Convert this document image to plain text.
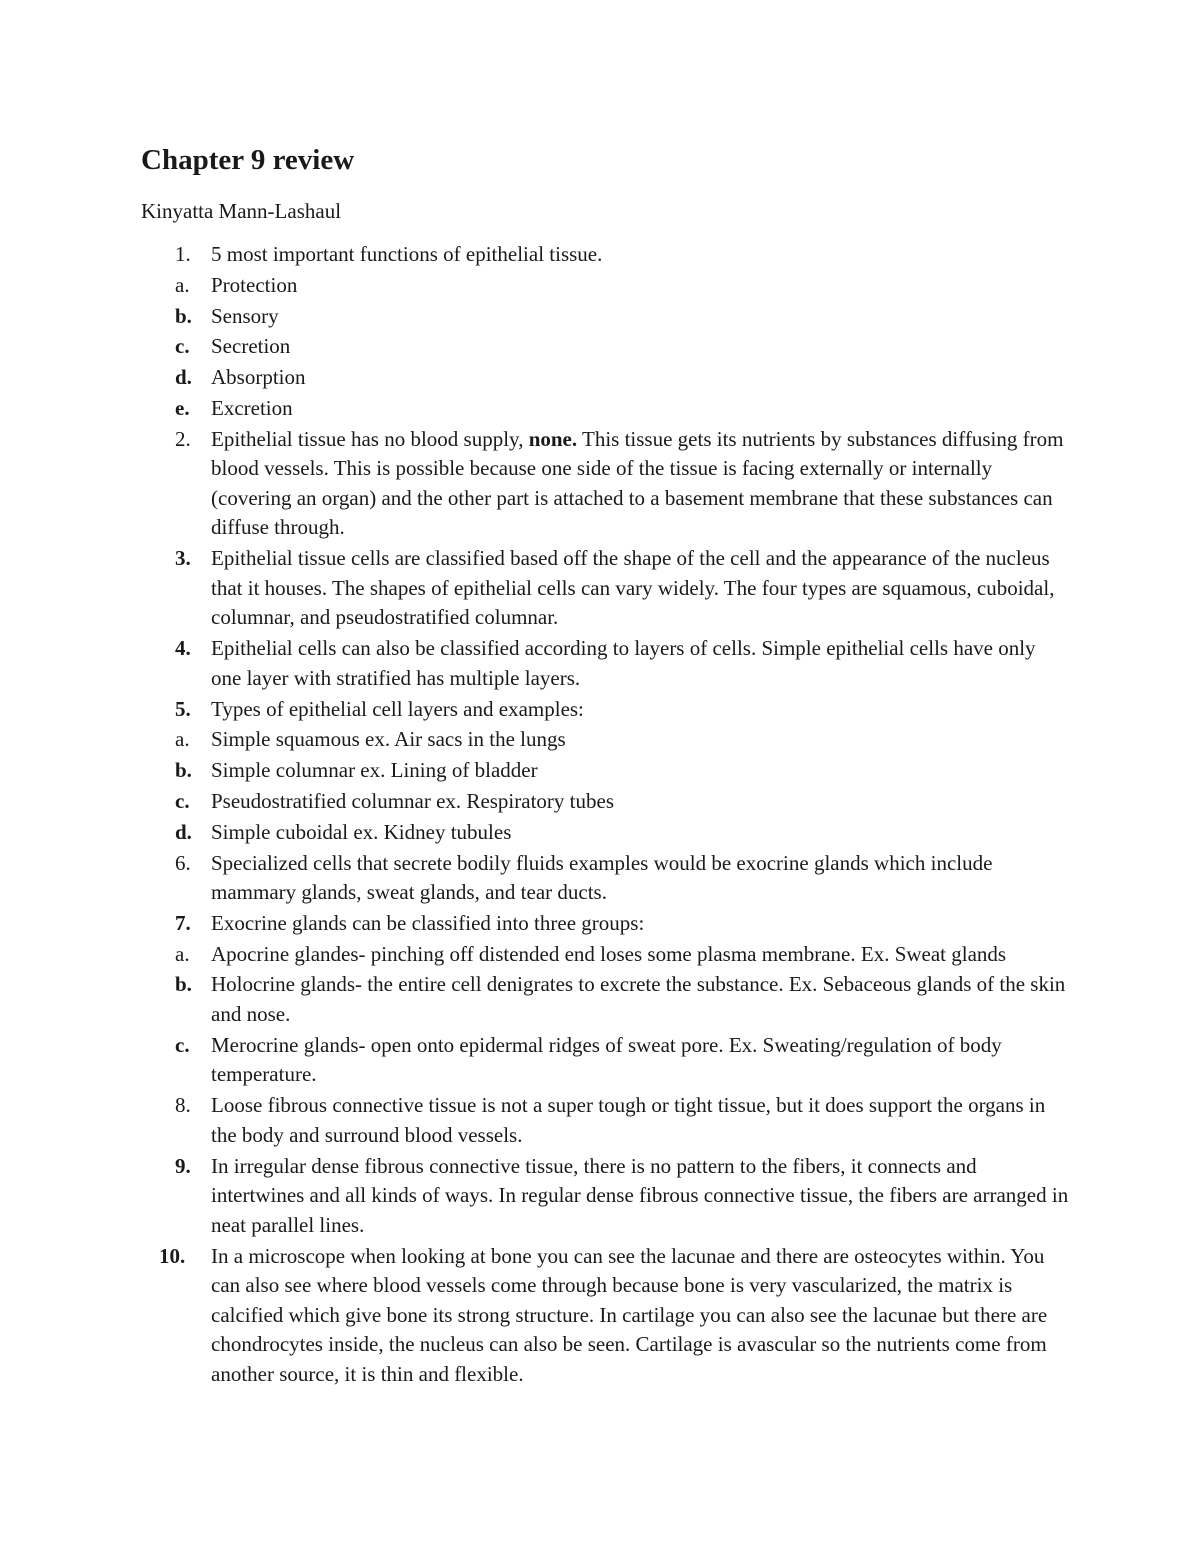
Chapter 9 review

Kinyatta Mann-Lashaul

1. 5 most important functions of epithelial tissue.
a.	Protection
b. Sensory
c.	Secretion
d. Absorption
e.	Excretion
2. Epithelial tissue has no blood supply, none. This tissue gets its nutrients by substances diffusing from blood vessels. This is possible because one side of the tissue is facing externally or internally (covering an organ) and the other part is attached to a basement membrane that these substances can diffuse through.
3. Epithelial tissue cells are classified based off the shape of the cell and the appearance of the nucleus that it houses. The shapes of epithelial cells can vary widely. The four types are squamous, cuboidal, columnar, and pseudostratified columnar.
4. Epithelial cells can also be classified according to layers of cells. Simple epithelial cells have only one layer with stratified has multiple layers.
5. Types of epithelial cell layers and examples:
a.	Simple squamous ex. Air sacs in the lungs
b. Simple columnar ex. Lining of bladder
c.	Pseudostratified columnar ex. Respiratory tubes
d. Simple cuboidal ex. Kidney tubules
6. Specialized cells that secrete bodily fluids examples would be exocrine glands which include mammary glands, sweat glands, and tear ducts.
7. Exocrine glands can be classified into three groups:
a.	Apocrine glandes- pinching off distended end loses some plasma membrane. Ex. Sweat glands
b. Holocrine glands- the entire cell denigrates to excrete the substance. Ex. Sebaceous glands of the skin and nose.
c.	Merocrine glands- open onto epidermal ridges of sweat pore. Ex. Sweating/regulation of body temperature.
8. Loose fibrous connective tissue is not a super tough or tight tissue, but it does support the organs in the body and surround blood vessels.
9. In irregular dense fibrous connective tissue, there is no pattern to the fibers, it connects and intertwines and all kinds of ways. In regular dense fibrous connective tissue, the fibers are arranged in neat parallel lines.
10. In a microscope when looking at bone you can see the lacunae and there are osteocytes within. You can also see where blood vessels come through because bone is very vascularized, the matrix is calcified which give bone its strong structure. In cartilage you can also see the lacunae but there are chondrocytes inside, the nucleus can also be seen. Cartilage is avascular so the nutrients come from another source, it is thin and flexible.
